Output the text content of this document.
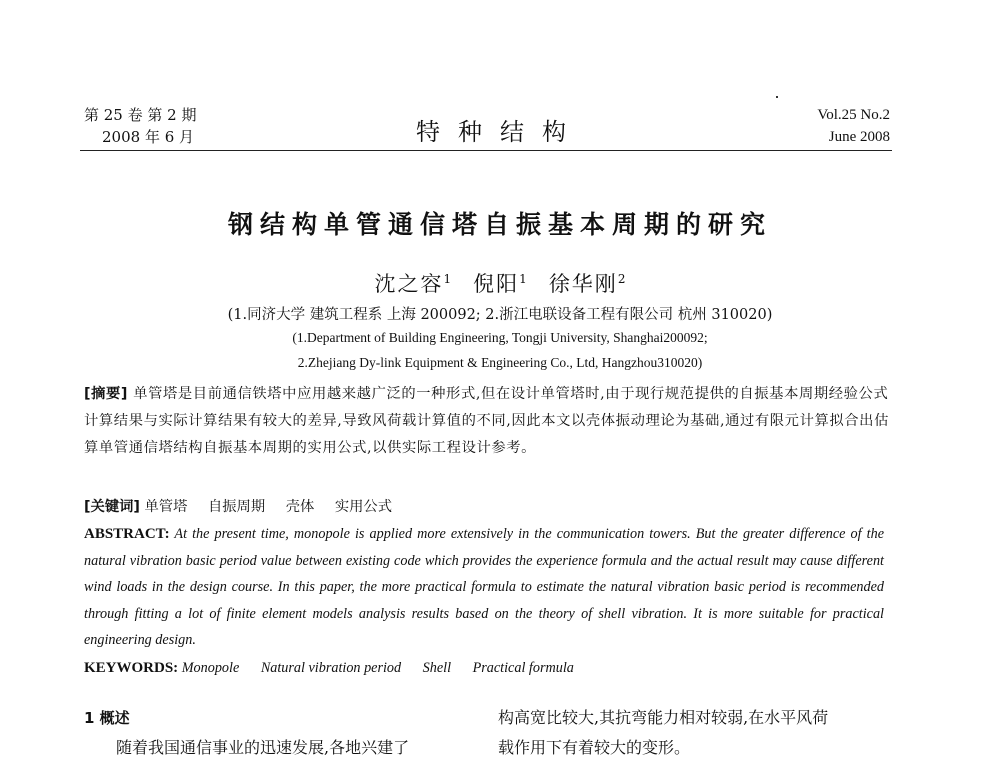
第 25 卷 第 2 期
2008 年 6 月	特种结构
Vol.25 No.2
June 2008
钢结构单管通信塔自振基本周期的研究
沈之容$^1$ 倪阳$^1$ 徐华刚$^2$
(1.同济大学 建筑工程系 上海 200092; 2.浙江电联设备工程有限公司 杭州 310020)
(1.Department of Building Engineering, Tongji University, Shanghai200092;
2.Zhejiang Dy-link Equipment & Engineering Co., Ltd, Hangzhou310020)
[摘要] 单管塔是目前通信铁塔中应用越来越广泛的一种形式,但在设计单管塔时,由于现行规范提供的自振基本周期经验公式计算结果与实际计算结果有较大的差异,导致风荷载计算值的不同,因此本文以壳体振动理论为基础,通过有限元计算拟合出估算单管通信塔结构自振基本周期的实用公式,以供实际工程设计参考。
[关键词] 单管塔 自振周期 壳体 实用公式
ABSTRACT: At the present time, monopole is applied more extensively in the communication towers. But the greater difference of the natural vibration basic period value between existing code which provides the experience formula and the actual result may cause different wind loads in the design course. In this paper, the more practical formula to estimate the natural vibration basic period is recommended through fitting a lot of finite element models analysis results based on the theory of shell vibration. It is more suitable for practical engineering design.
KEYWORDS: Monopole Natural vibration period Shell Practical formula
1 概述
随着我国通信事业的迅速发展,各地兴建了
构高宽比较大,其抗弯能力相对较弱,在水平风荷
载作用下有着较大的变形。
